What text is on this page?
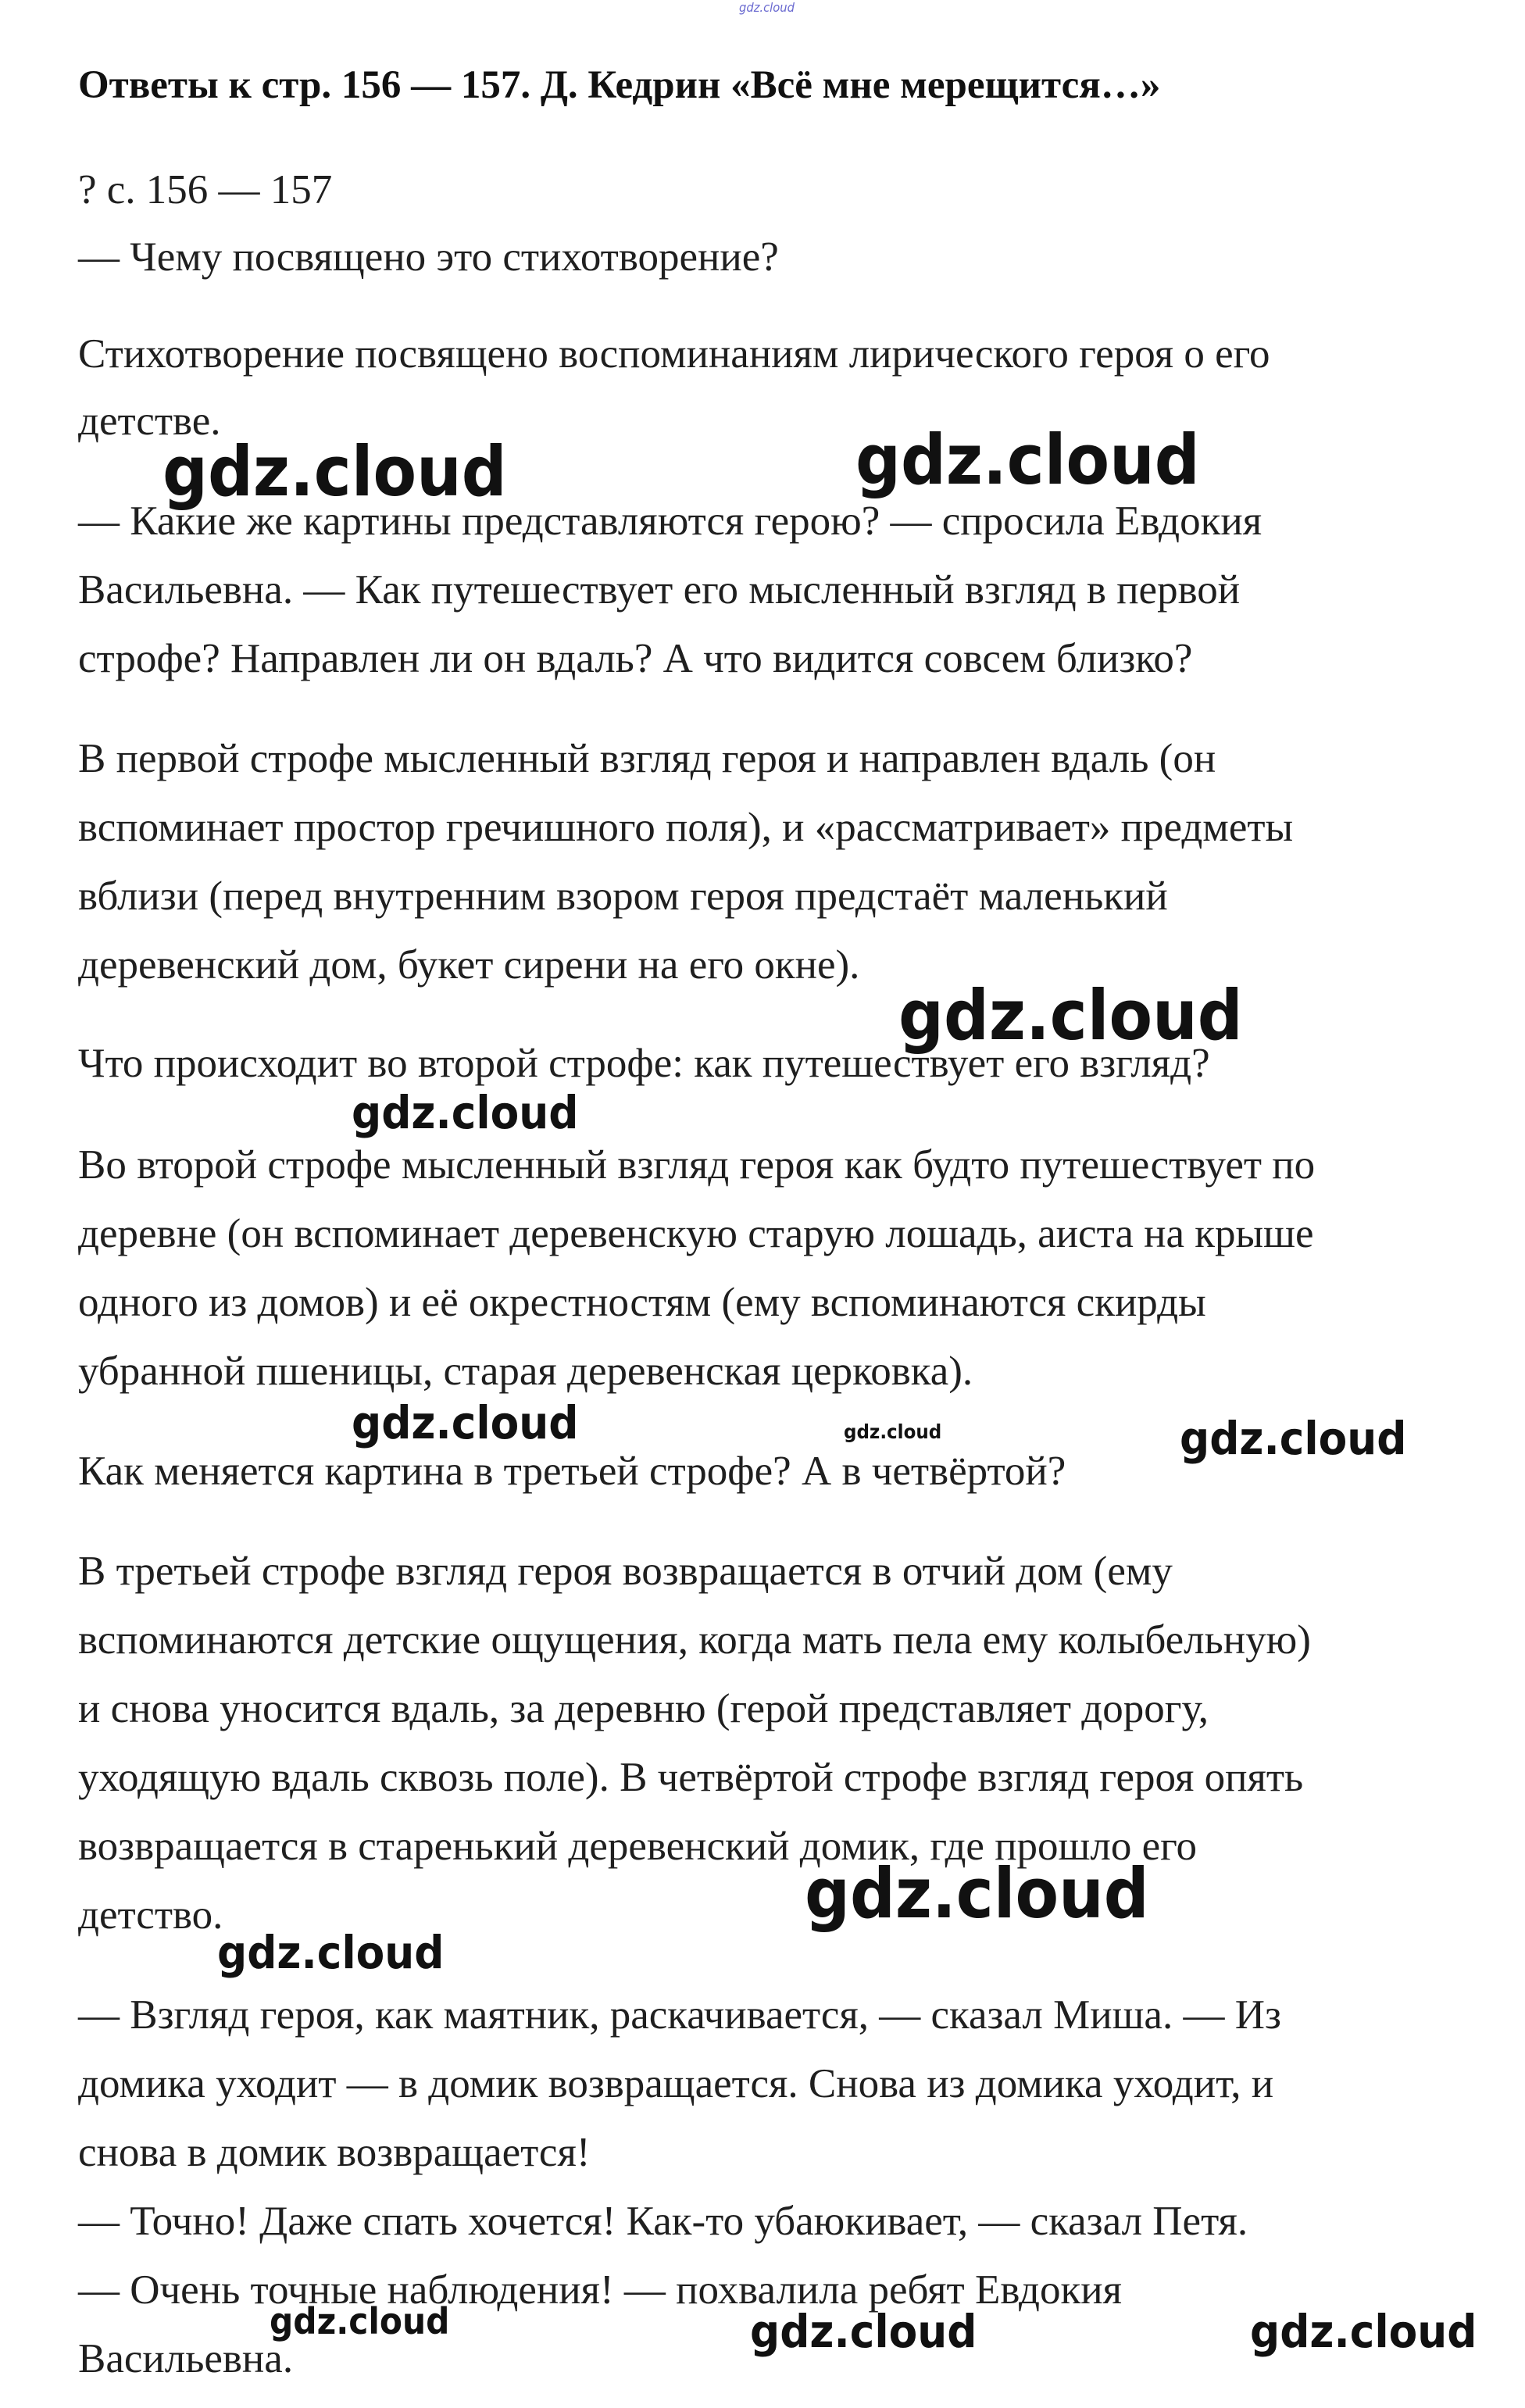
Ответы к стр. 156 — 157. Д. Кедрин «Всё мне мерещится…»

? с. 156 — 157

— Чему посвящено это стихотворение?

Стихотворение посвящено воспоминаниям лирического героя о его

детстве.

— Какие же картины представляются герою? — спросила Евдокия

Васильевна. — Как путешествует его мысленный взгляд в первой

строфе? Направлен ли он вдаль? А что видится совсем близко?

В первой строфе мысленный взгляд героя и направлен вдаль (он

вспоминает простор гречишного поля), и «рассматривает» предметы

вблизи (перед внутренним взором героя предстаёт маленький

деревенский дом, букет сирени на его окне).

Что происходит во второй строфе: как путешествует его взгляд?

Во второй строфе мысленный взгляд героя как будто путешествует по

деревне (он вспоминает деревенскую старую лошадь, аиста на крыше

одного из домов) и её окрестностям (ему вспоминаются скирды

убранной пшеницы, старая деревенская церковка).

Как меняется картина в третьей строфе? А в четвёртой?

В третьей строфе взгляд героя возвращается в отчий дом (ему

вспоминаются детские ощущения, когда мать пела ему колыбельную)

и снова уносится вдаль, за деревню (герой представляет дорогу,

уходящую вдаль сквозь поле). В четвёртой строфе взгляд героя опять

возвращается в старенький деревенский домик, где прошло его

детство.

— Взгляд героя, как маятник, раскачивается, — сказал Миша. — Из

домика уходит — в домик возвращается. Снова из домика уходит, и

снова в домик возвращается!

— Точно! Даже спать хочется! Как-то убаюкивает, — сказал Петя.

— Очень точные наблюдения! — похвалила ребят Евдокия

Васильевна.

gdz.cloud
gdz.cloud	gdz.cloud
gdz.cloud
gdz.cloud
gdz.cloud	gdz.cloud	gdz.cloud
gdz.cloud
gdz.cloud
gdz.cloud	gdz.cloud	gdz.cloud
